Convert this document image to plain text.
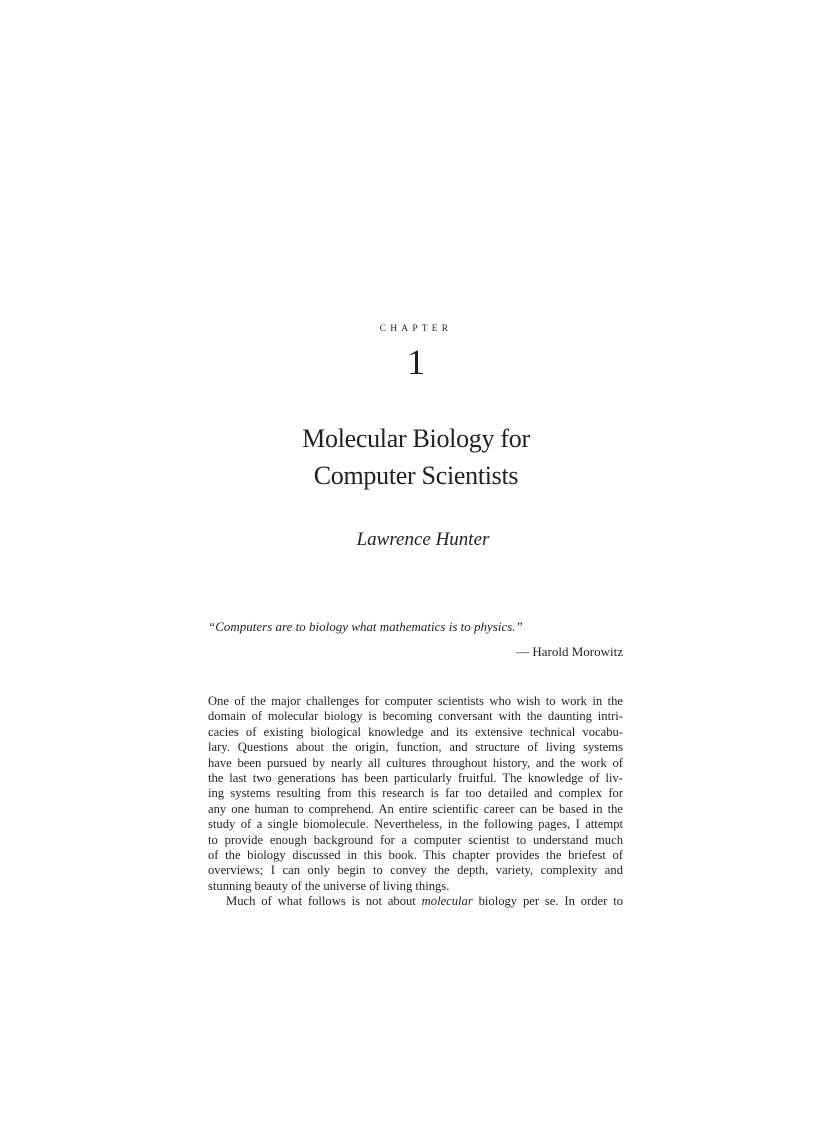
CHAPTER
1
Molecular Biology for
Computer Scientists
Lawrence Hunter
“Computers are to biology what mathematics is to physics.”
— Harold Morowitz
One of the major challenges for computer scientists who wish to work in the
domain of molecular biology is becoming conversant with the daunting intri-
cacies of existing biological knowledge and its extensive technical vocabu-
lary. Questions about the origin, function, and structure of living systems
have been pursued by nearly all cultures throughout history, and the work of
the last two generations has been particularly fruitful. The knowledge of liv-
ing systems resulting from this research is far too detailed and complex for
any one human to comprehend. An entire scientific career can be based in the
study of a single biomolecule. Nevertheless, in the following pages, I attempt
to provide enough background for a computer scientist to understand much
of the biology discussed in this book. This chapter provides the briefest of
overviews; I can only begin to convey the depth, variety, complexity and
stunning beauty of the universe of living things.
Much of what follows is not about molecular biology per se. In order to
